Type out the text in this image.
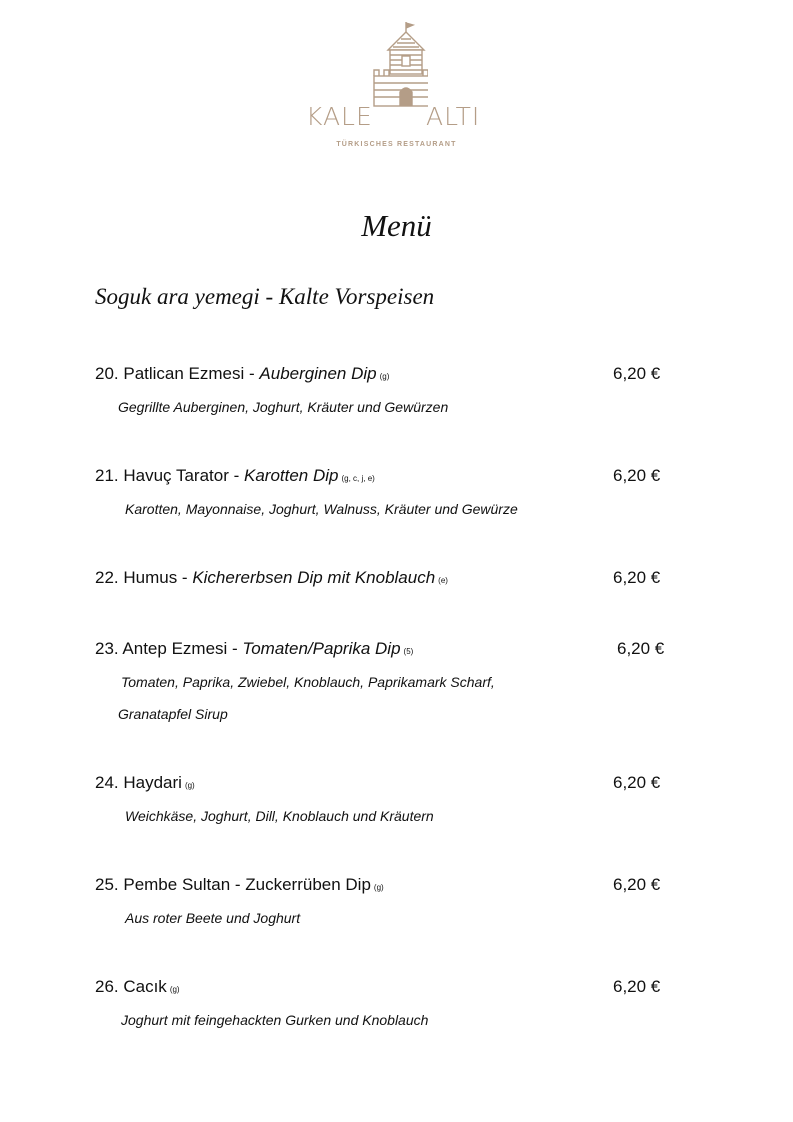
KALE ALTI
TÜRKISCHES RESTAURANT
Menü
Soguk ara yemegi - Kalte Vorspeisen
20. Patlican Ezmesi - Auberginen Dip (g)	6,20 €
Gegrillte Auberginen, Joghurt, Kräuter und Gewürzen
21. Havuç Tarator - Karotten Dip (g, c, j, e)	6,20 €
Karotten, Mayonnaise, Joghurt, Walnuss, Kräuter und Gewürze
22. Humus - Kichererbsen Dip mit Knoblauch (e)	6,20 €
23. Antep Ezmesi - Tomaten/Paprika Dip (5)	6,20 €
Tomaten, Paprika, Zwiebel, Knoblauch, Paprikamark Scharf,
Granatapfel Sirup
24. Haydari (g)	6,20 €
Weichkäse, Joghurt, Dill, Knoblauch und Kräutern
25. Pembe Sultan - Zuckerrüben Dip (g)	6,20 €
Aus roter Beete und Joghurt
26. Cacık (g)	6,20 €
Joghurt mit feingehackten Gurken und Knoblauch
